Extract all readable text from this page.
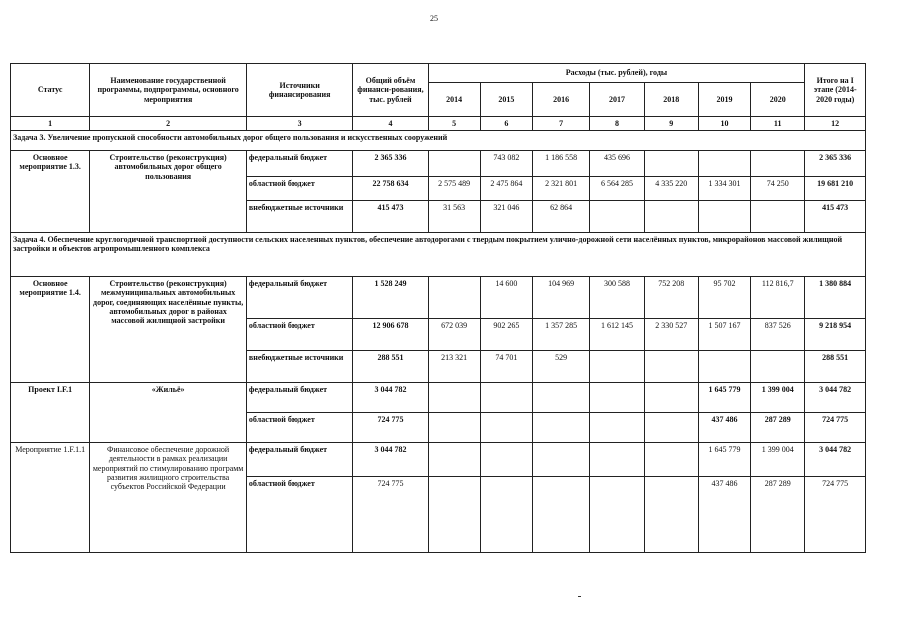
25
Статус	Наименование государственной программы, подпрограммы, основного мероприятия	Источники финансирования	Общий объём финанси-рования, тыс. рублей	Расходы (тыс. рублей), годы							Итого на I этапе (2014-2020 годы)
				2014	2015	2016	2017	2018	2019	2020	
1	2	3	4	5	6	7	8	9	10	11	12
Задача 3. Увеличение пропускной способности автомобильных дорог общего пользования и искусственных сооружений											
Основное мероприятие 1.3.	Строительство (реконструкция) автомобильных дорог общего пользования	федеральный бюджет	2 365 336		743 082	1 186 558	435 696				2 365 336
		областной бюджет	22 758 634	2 575 489	2 475 864	2 321 801	6 564 285	4 335 220	1 334 301	74 250	19 681 210
		внебюджетные источники	415 473	31 563	321 046	62 864					415 473
Задача 4. Обеспечение круглогодичной транспортной доступности сельских населенных пунктов, обеспечение автодорогами с твердым покрытием улично-дорожной сети населённых пунктов, микрорайонов массовой жилищной застройки и объектов агропромышленного комплекса											
Основное мероприятие 1.4.	Строительство (реконструкция) межмуниципальных автомобильных дорог, соединяющих населённые пункты, автомобильных дорог в районах массовой жилищной застройки	федеральный бюджет	1 528 249		14 600	104 969	300 588	752 208	95 702	112 816,7	1 380 884
		областной бюджет	12 906 678	672 039	902 265	1 357 285	1 612 145	2 330 527	1 507 167	837 526	9 218 954
		внебюджетные источники	288 551	213 321	74 701	529					288 551
Проект I.F.1	«Жильё»	федеральный бюджет	3 044 782						1 645 779	1 399 004	3 044 782
		областной бюджет	724 775						437 486	287 289	724 775
Мероприятие 1.F.1.1	Финансовое обеспечение дорожной деятельности в рамках реализации мероприятий по стимулированию программ развития жилищного строительства субъектов Российской Федерации	федеральный бюджет	3 044 782						1 645 779	1 399 004	3 044 782
		областной бюджет	724 775						437 486	287 289	724 775
